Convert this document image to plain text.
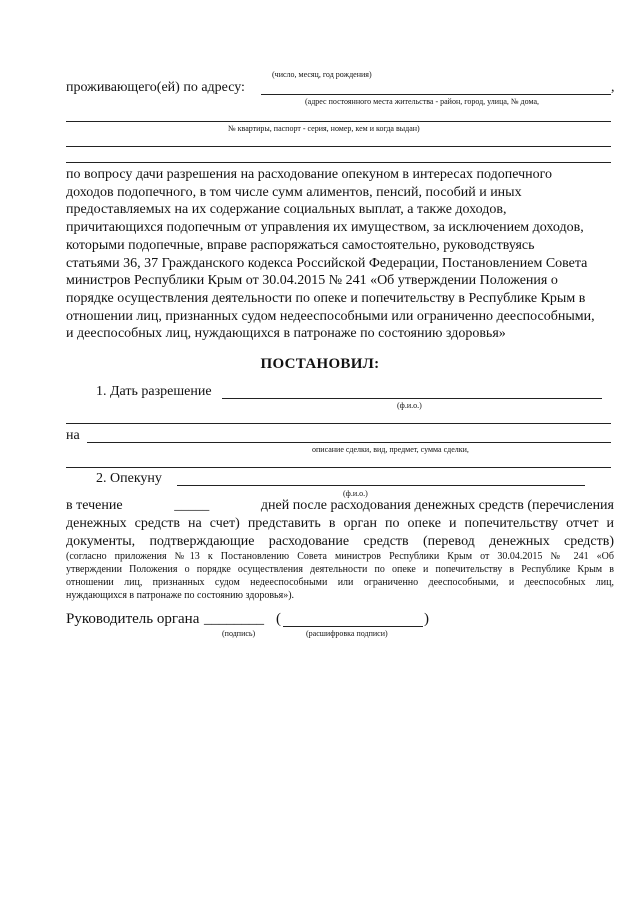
(число, месяц, год рождения)
проживающего(ей) по адресу:	,
(адрес постоянного места жительства - район, город, улица, № дома,
№ квартиры, паспорт - серия, номер, кем и когда выдан)

по вопросу дачи разрешения на расходование опекуном в интересах подопечного

доходов подопечного, в том числе сумм алиментов, пенсий, пособий и иных

предоставляемых на их содержание социальных выплат, а также доходов,

причитающихся подопечным от управления их имуществом, за исключением доходов,

которыми подопечные, вправе распоряжаться самостоятельно, руководствуясь

статьями 36, 37 Гражданского кодекса Российской Федерации, Постановлением Совета

министров Республики Крым от 30.04.2015 № 241 «Об утверждении Положения о

порядке осуществления деятельности по опеке и попечительству в Республике Крым в

отношении лиц, признанных судом недееспособными или ограниченно дееспособными,

и дееспособных лиц, нуждающихся в патронаже по состоянию здоровья»

ПОСТАНОВИЛ:
1. Дать разрешение
(ф.и.о.)
на
описание сделки, вид, предмет, сумма сделки,
2. Опекуну
(ф.и.о.)
в течение	_____	дней после расходования денежных средств (перечисления

денежных средств на счет) представить в орган по опеке и попечительству отчет и

документы, подтверждающие расходование средств (перевод денежных средств)

(согласно приложения №13 к Постановлению Совета министров Республики Крым от 30.04.2015 № 241 «Об
утверждении Положения о порядке осуществления деятельности по опеке и попечительству в Республике Крым в
отношении лиц, признанных судом недееспособными или ограниченно дееспособными, и дееспособных лиц,
нуждающихся в патронаже по состоянию здоровья»).
Руководитель органа ________ (	)
(подпись)	(расшифровка подписи)
